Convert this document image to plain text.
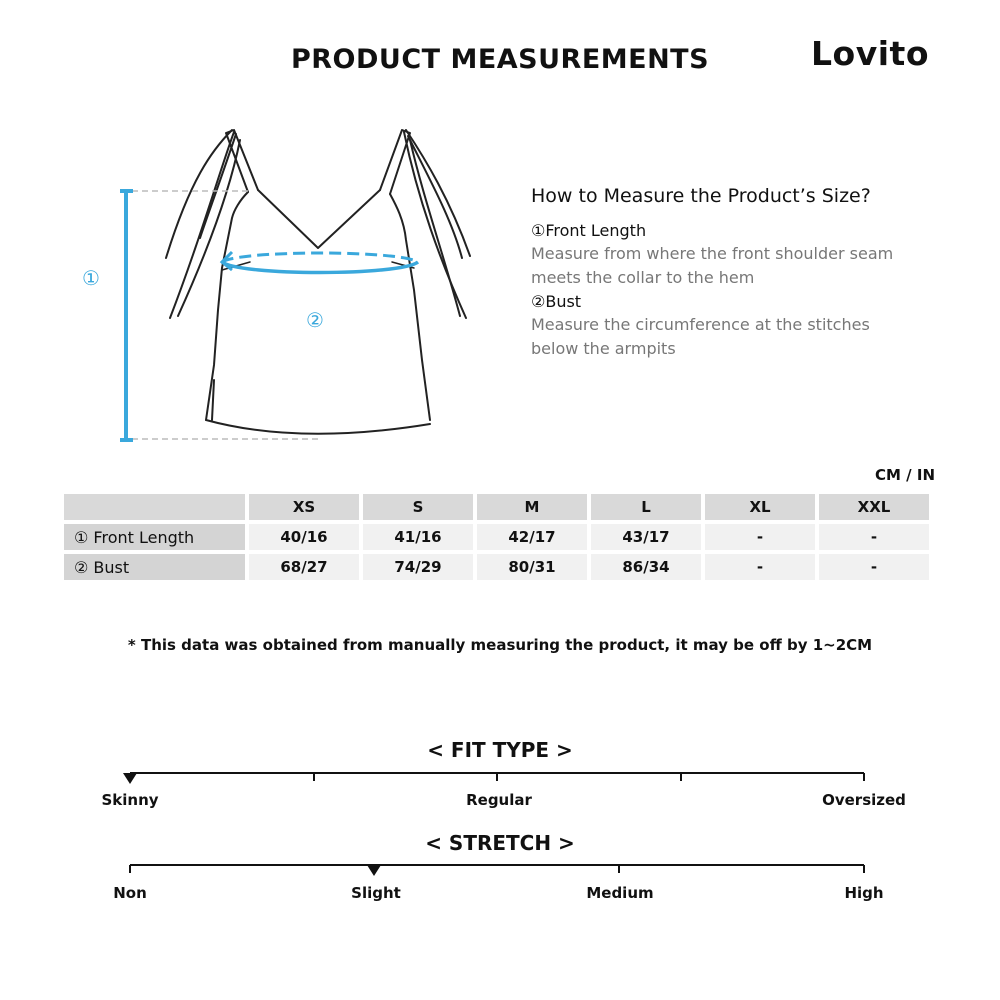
PRODUCT MEASUREMENTS	Lovito
①
②
How to Measure the Product’s Size?
①Front Length
Measure from where the front shoulder seam meets the collar to the hem
②Bust
Measure the circumference at the stitches below the armpits
CM / IN
	XS	S	M	L	XL	XXL
① Front Length	40/16	41/16	42/17	43/17	-	-
② Bust	68/27	74/29	80/31	86/34	-	-
* This data was obtained from manually measuring the product, it may be off by 1~2CM
< FIT TYPE >
Skinny	Regular	Oversized
< STRETCH >
Non	Slight	Medium	High
